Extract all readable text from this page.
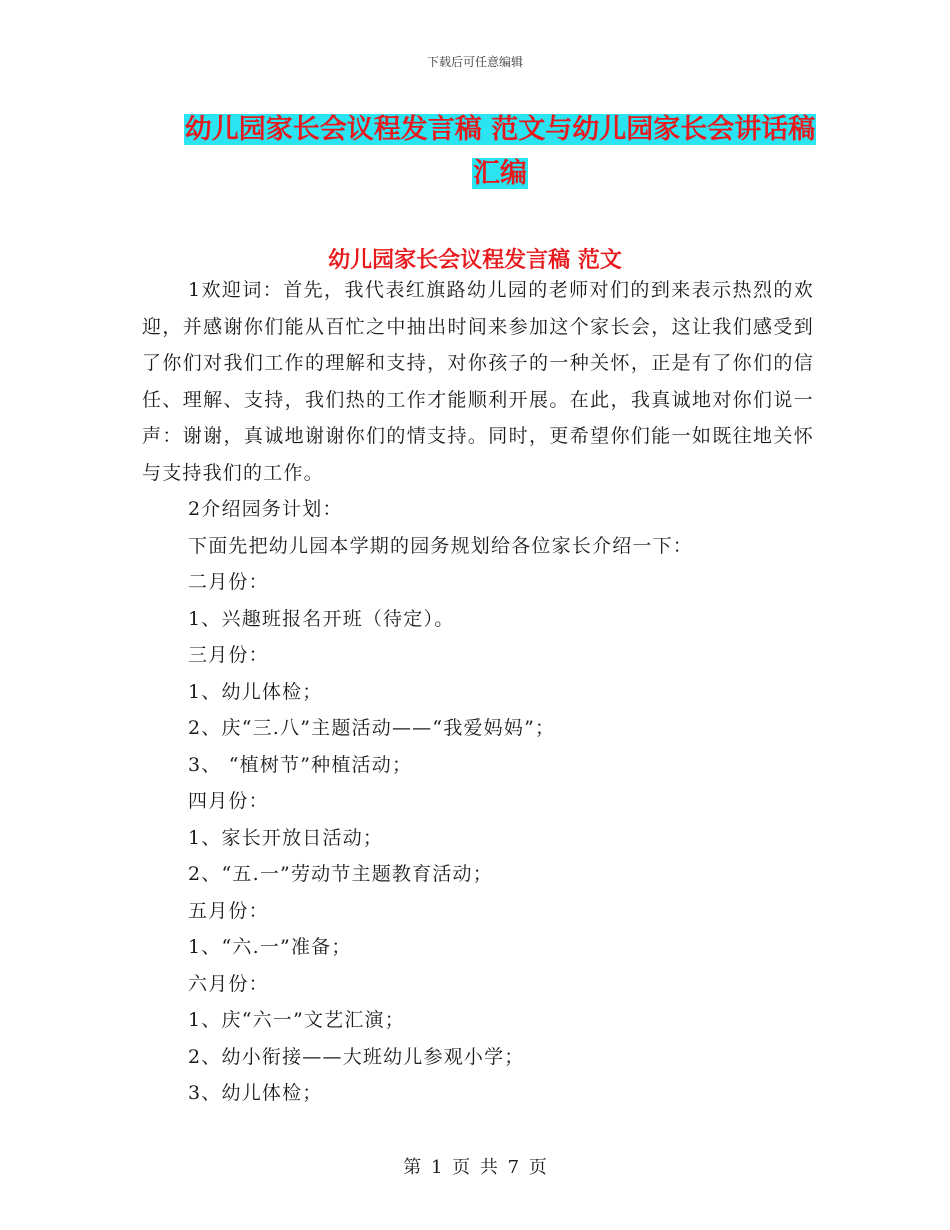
下载后可任意编辑
幼儿园家长会议程发言稿 范文与幼儿园家长会讲话稿
汇编
幼儿园家长会议程发言稿 范文

1欢迎词：首先，我代表红旗路幼儿园的老师对们的到来表示热烈的欢迎，并感谢你们能从百忙之中抽出时间来参加这个家长会，这让我们感受到了你们对我们工作的理解和支持，对你孩子的一种关怀，正是有了你们的信任、理解、支持，我们热的工作才能顺利开展。在此，我真诚地对你们说一声：谢谢，真诚地谢谢你们的情支持。同时，更希望你们能一如既往地关怀与支持我们的工作。

2介绍园务计划：

下面先把幼儿园本学期的园务规划给各位家长介绍一下：

二月份：

1、兴趣班报名开班（待定）。

三月份：

1、幼儿体检；

2、庆“三.八”主题活动——“我爱妈妈”；

3、 “植树节”种植活动；

四月份：

1、家长开放日活动；

2、“五.一”劳动节主题教育活动；

五月份：

1、“六.一”准备；

六月份：

1、庆“六一”文艺汇演；

2、幼小衔接——大班幼儿参观小学；

3、幼儿体检；

第 1 页 共 7 页
